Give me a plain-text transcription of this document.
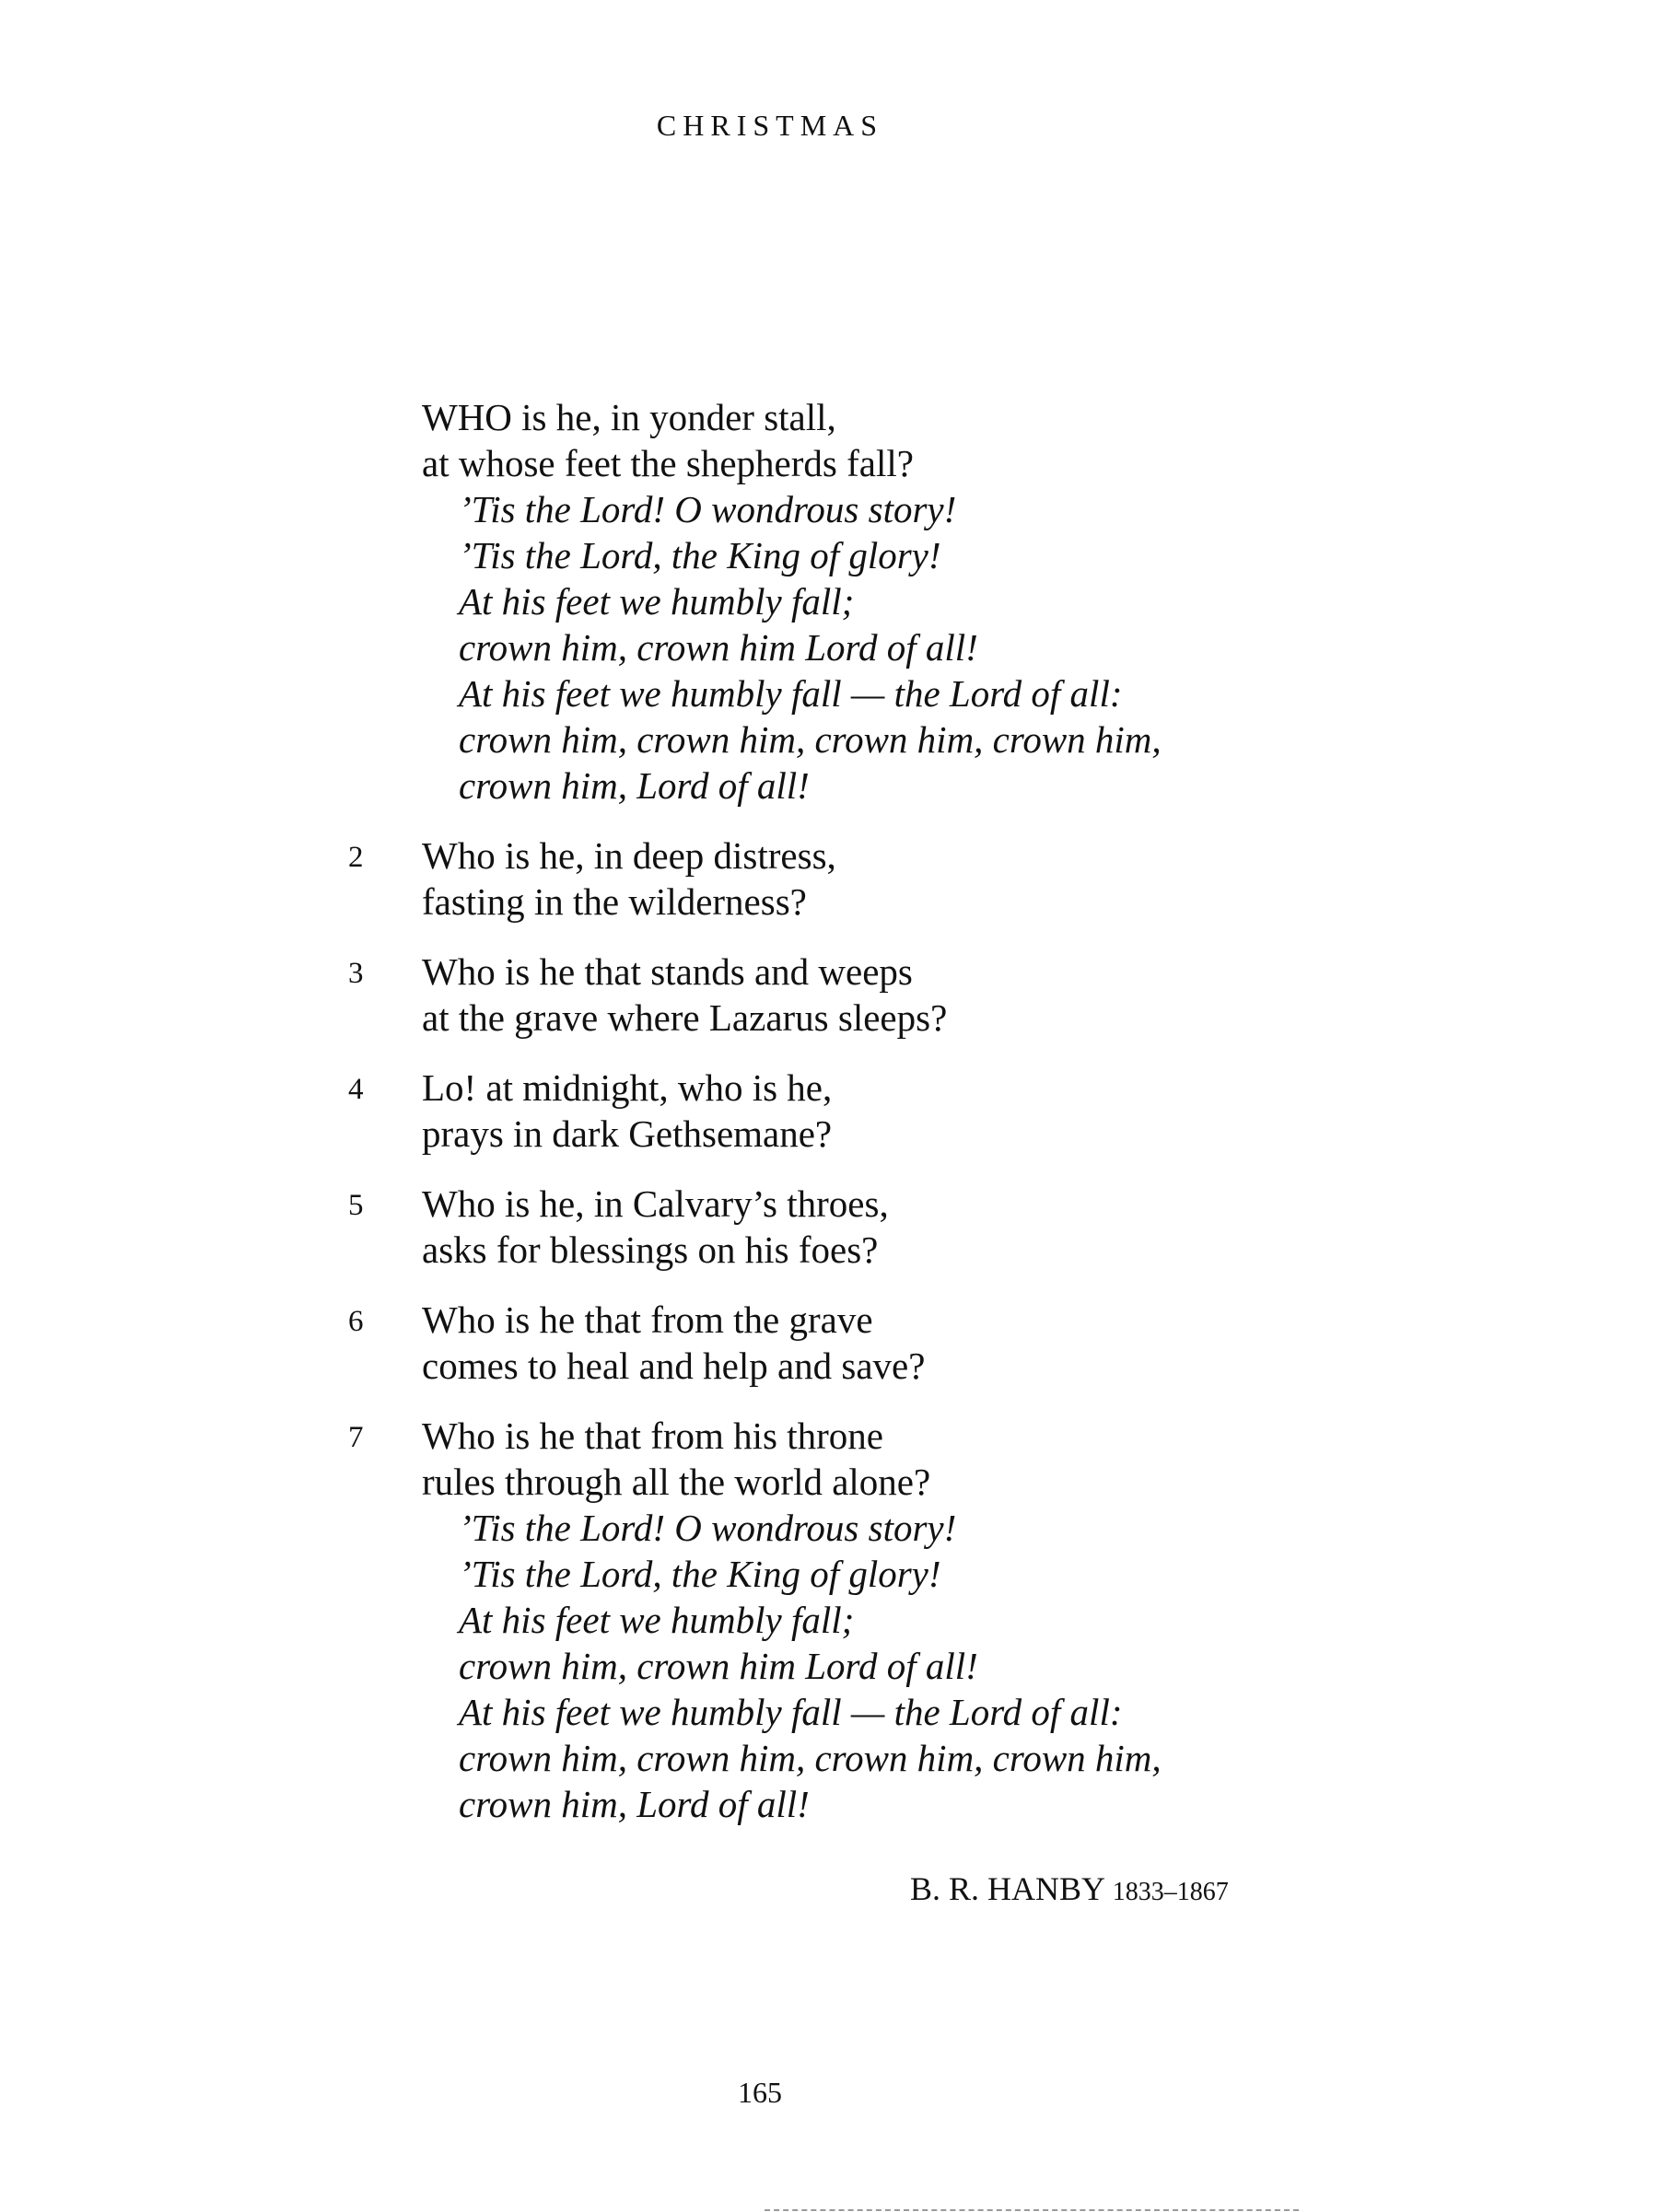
CHRISTMAS
WHO is he, in yonder stall,
at whose feet the shepherds fall?
’Tis the Lord! O wondrous story!
’Tis the Lord, the King of glory!
At his feet we humbly fall;
crown him, crown him Lord of all!
At his feet we humbly fall — the Lord of all:
crown him, crown him, crown him, crown him,
crown him, Lord of all!
2	Who is he, in deep distress,
fasting in the wilderness?
3	Who is he that stands and weeps
at the grave where Lazarus sleeps?
4	Lo! at midnight, who is he,
prays in dark Gethsemane?
5	Who is he, in Calvary’s throes,
asks for blessings on his foes?
6	Who is he that from the grave
comes to heal and help and save?
7	Who is he that from his throne
rules through all the world alone?
’Tis the Lord! O wondrous story!
’Tis the Lord, the King of glory!
At his feet we humbly fall;
crown him, crown him Lord of all!
At his feet we humbly fall — the Lord of all:
crown him, crown him, crown him, crown him,
crown him, Lord of all!
B. R. HANBY 1833–1867
165
